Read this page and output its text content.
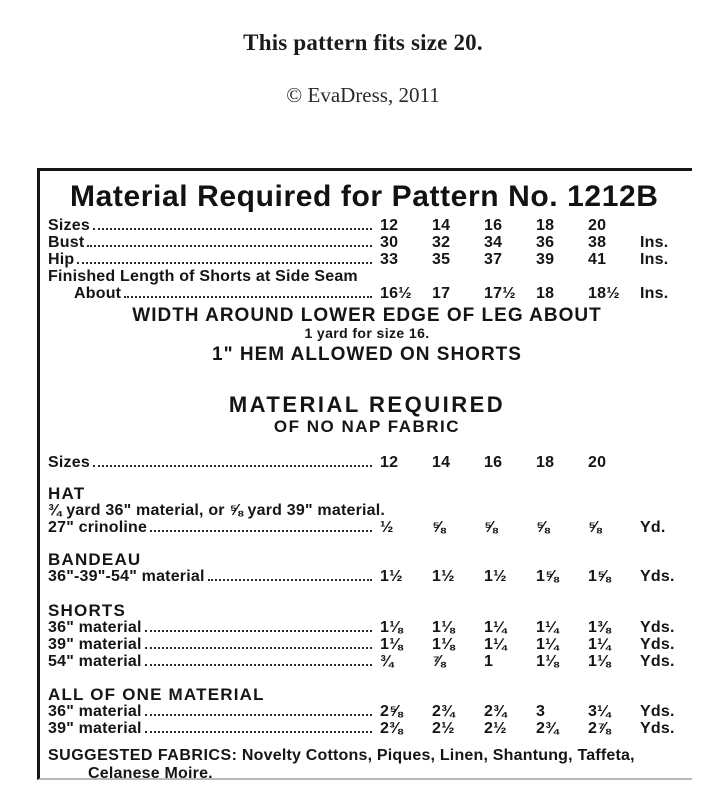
This pattern fits size 20.
© EvaDress, 2011
Material Required for Pattern No. 1212B
Sizes	12	14	16	18	20
Bust	30	32	34	36	38	Ins.
Hip	33	35	37	39	41	Ins.
Finished Length of Shorts at Side Seam
About	16½	17	17½	18	18½	Ins.
WIDTH AROUND LOWER EDGE OF LEG ABOUT
1 yard for size 16.
1" HEM ALLOWED ON SHORTS
MATERIAL REQUIRED
OF NO NAP FABRIC
Sizes	12	14	16	18	20
HAT
¾ yard 36" material, or ⅝ yard 39" material.
27" crinoline	½	⅝	⅝	⅝	⅝	Yd.
BANDEAU
36"-39"-54" material	1½	1½	1½	1⅝	1⅝	Yds.
SHORTS
36" material	1⅛	1⅛	1¼	1¼	1⅜	Yds.
39" material	1⅛	1⅛	1¼	1¼	1¼	Yds.
54" material	¾	⅞	1	1⅛	1⅛	Yds.
ALL OF ONE MATERIAL
36" material	2⅝	2¾	2¾	3	3¼	Yds.
39" material	2⅜	2½	2½	2¾	2⅞	Yds.
SUGGESTED FABRICS: Novelty Cottons, Piques, Linen, Shantung, Taffeta,
Celanese Moire.
